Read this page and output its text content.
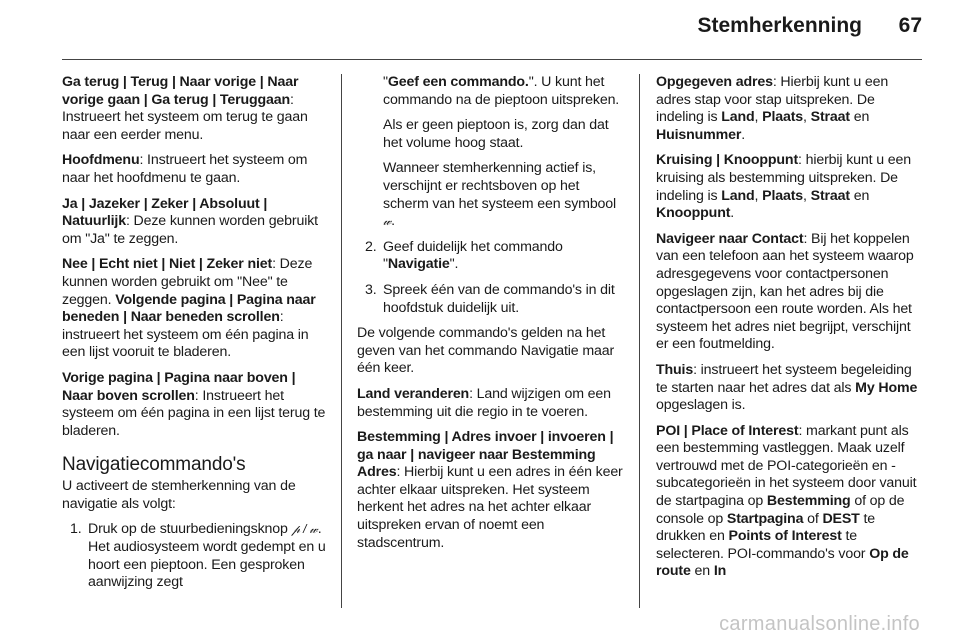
Stemherkenning 67

Ga terug | Terug | Naar vorige | Naar vorige gaan | Ga terug | Teruggaan: Instrueert het systeem om terug te gaan naar een eerder menu.

Hoofdmenu: Instrueert het systeem om naar het hoofdmenu te gaan.

Ja | Jazeker | Zeker | Absoluut | Natuurlijk: Deze kunnen worden gebruikt om "Ja" te zeggen.

Nee | Echt niet | Niet | Zeker niet: Deze kunnen worden gebruikt om "Nee" te zeggen. Volgende pagina | Pagina naar beneden | Naar beneden scrollen: instrueert het systeem om één pagina in een lijst vooruit te bladeren.

Vorige pagina | Pagina naar boven | Naar boven scrollen: Instrueert het systeem om één pagina in een lijst terug te bladeren.

Navigatiecommando's

U activeert de stemherkenning van de navigatie als volgt:

1. Druk op de stuurbedieningsknop 𝓅 / 𝓌. Het audiosysteem wordt gedempt en u hoort een pieptoon. Een gesproken aanwijzing zegt
"Geef een commando.". U kunt het commando na de pieptoon uitspreken.
Als er geen pieptoon is, zorg dan dat het volume hoog staat.
Wanneer stemherkenning actief is, verschijnt er rechtsboven op het scherm van het systeem een symbool 𝓌.
2. Geef duidelijk het commando "Navigatie".
3. Spreek één van de commando's in dit hoofdstuk duidelijk uit.

De volgende commando's gelden na het geven van het commando Navigatie maar één keer.

Land veranderen: Land wijzigen om een bestemming uit die regio in te voeren.

Bestemming | Adres invoer | invoeren | ga naar | navigeer naar Bestemming Adres: Hierbij kunt u een adres in één keer achter elkaar uitspreken. Het systeem herkent het adres na het achter elkaar uitspreken ervan of noemt een stadscentrum.

Opgegeven adres: Hierbij kunt u een adres stap voor stap uitspreken. De indeling is Land, Plaats, Straat en Huisnummer.

Kruising | Knooppunt: hierbij kunt u een kruising als bestemming uitspreken. De indeling is Land, Plaats, Straat en Knooppunt.

Navigeer naar Contact: Bij het koppelen van een telefoon aan het systeem waarop adresgegevens voor contactpersonen opgeslagen zijn, kan het adres bij die contactpersoon een route worden. Als het systeem het adres niet begrijpt, verschijnt er een foutmelding.

Thuis: instrueert het systeem begeleiding te starten naar het adres dat als My Home opgeslagen is.

POI | Place of Interest: markant punt als een bestemming vastleggen. Maak uzelf vertrouwd met de POI-categorieën en -subcategorieën in het systeem door vanuit de startpagina op Bestemming of op de console op Startpagina of DEST te drukken en Points of Interest te selecteren. POI-commando's voor Op de route en In

carmanualsonline.info
